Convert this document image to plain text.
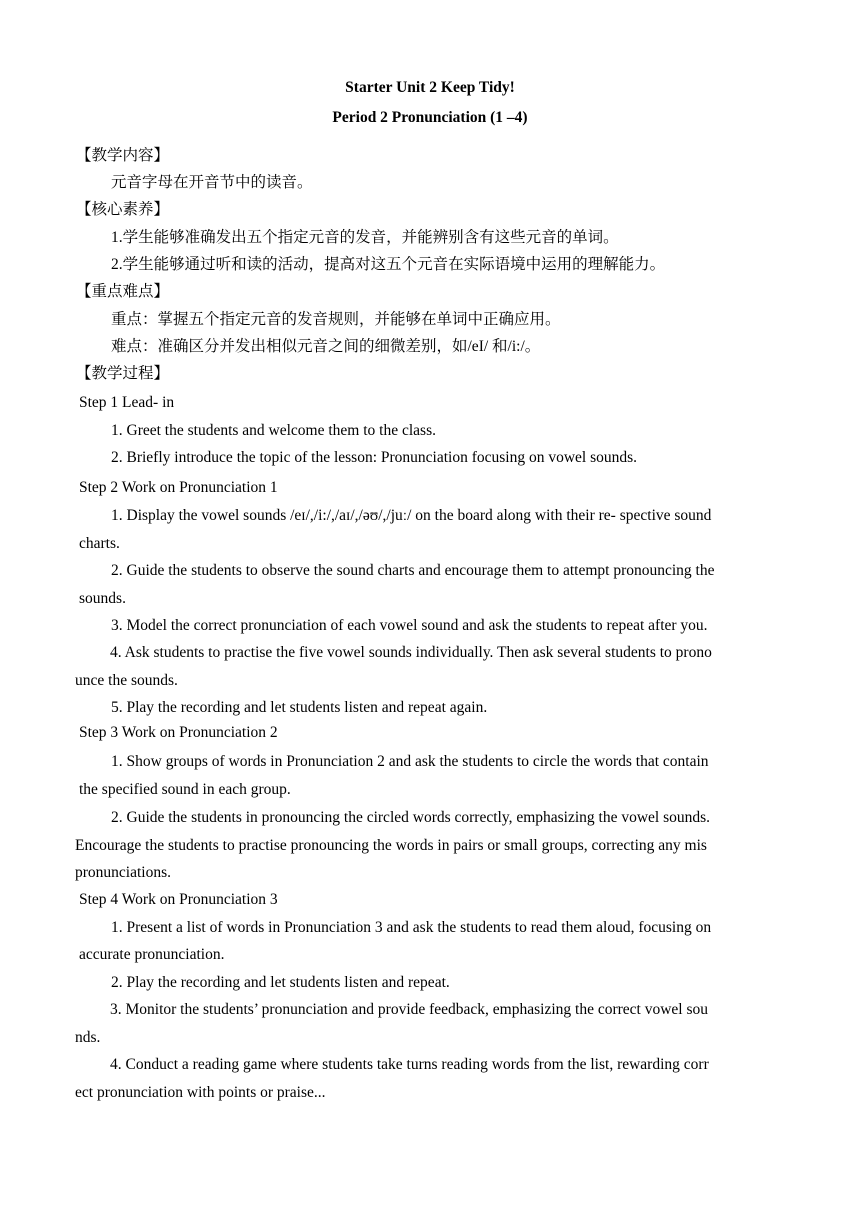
Starter Unit 2 Keep Tidy!
Period 2 Pronunciation (1 –4)
【教学内容】
元音字母在开音节中的读音。
【核心素养】
1.学生能够准确发出五个指定元音的发音，并能辨别含有这些元音的单词。
2.学生能够通过听和读的活动，提高对这五个元音在实际语境中运用的理解能力。
【重点难点】
重点：掌握五个指定元音的发音规则，并能够在单词中正确应用。
难点：准确区分并发出相似元音之间的细微差别，如/eI/ 和/i:/。
【教学过程】
Step 1 Lead- in
1. Greet the students and welcome them to the class.
2. Briefly introduce the topic of the lesson: Pronunciation focusing on vowel sounds.
Step 2 Work on Pronunciation 1
1. Display the vowel sounds /eɪ/,/i:/,/aɪ/,/əʊ/,/juː/ on the board along with their re- spective sound
charts.
2. Guide the students to observe the sound charts and encourage them to attempt pronouncing the
sounds.
3. Model the correct pronunciation of each vowel sound and ask the students to repeat after you.
4. Ask students to practise the five vowel sounds individually. Then ask several students to prono
unce the sounds.
5. Play the recording and let students listen and repeat again.
Step 3 Work on Pronunciation 2
1. Show groups of words in Pronunciation 2 and ask the students to circle the words that contain
the specified sound in each group.
2. Guide the students in pronouncing the circled words correctly, emphasizing the vowel sounds.
Encourage the students to practise pronouncing the words in pairs or small groups, correcting any mis
pronunciations.
Step 4 Work on Pronunciation 3
1. Present a list of words in Pronunciation 3 and ask the students to read them aloud, focusing on
accurate pronunciation.
2. Play the recording and let students listen and repeat.
3. Monitor the students’ pronunciation and provide feedback, emphasizing the correct vowel sou
nds.
4. Conduct a reading game where students take turns reading words from the list, rewarding corr
ect pronunciation with points or praise...
